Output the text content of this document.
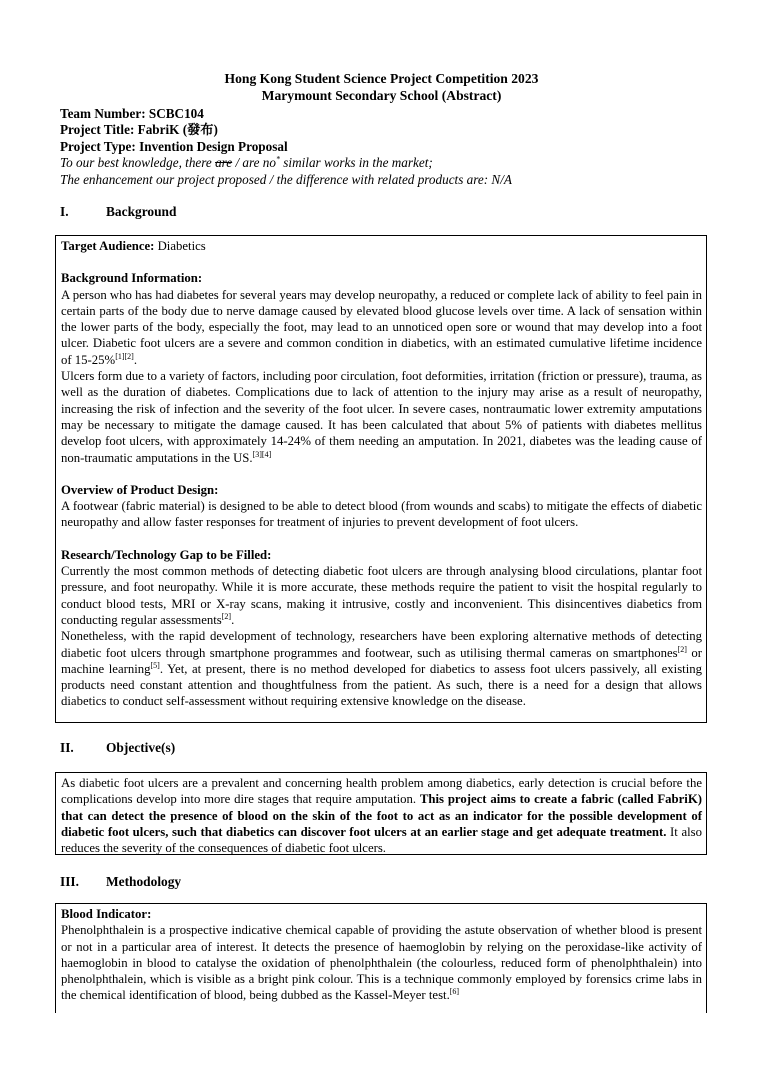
Hong Kong Student Science Project Competition 2023
Marymount Secondary School (Abstract)
Team Number: SCBC104
Project Title: FabriK (發布)
Project Type: Invention Design Proposal
To our best knowledge, there are / are no* similar works in the market;
The enhancement our project proposed / the difference with related products are: N/A
I.	Background

Target Audience: Diabetics

Background Information:

A person who has had diabetes for several years may develop neuropathy, a reduced or complete lack of ability to feel pain in certain parts of the body due to nerve damage caused by elevated blood glucose levels over time. A lack of sensation within the lower parts of the body, especially the foot, may lead to an unnoticed open sore or wound that may develop into a foot ulcer. Diabetic foot ulcers are a severe and common condition in diabetics, with an estimated cumulative lifetime incidence of 15-25%[1][2].

Ulcers form due to a variety of factors, including poor circulation, foot deformities, irritation (friction or pressure), trauma, as well as the duration of diabetes. Complications due to lack of attention to the injury may arise as a result of neuropathy, increasing the risk of infection and the severity of the foot ulcer. In severe cases, nontraumatic lower extremity amputations may be necessary to mitigate the damage caused. It has been calculated that about 5% of patients with diabetes mellitus develop foot ulcers, with approximately 14-24% of them needing an amputation. In 2021, diabetes was the leading cause of non-traumatic amputations in the US.[3][4]

Overview of Product Design:

A footwear (fabric material) is designed to be able to detect blood (from wounds and scabs) to mitigate the effects of diabetic neuropathy and allow faster responses for treatment of injuries to prevent development of foot ulcers.

Research/Technology Gap to be Filled:

Currently the most common methods of detecting diabetic foot ulcers are through analysing blood circulations, plantar foot pressure, and foot neuropathy. While it is more accurate, these methods require the patient to visit the hospital regularly to conduct blood tests, MRI or X-ray scans, making it intrusive, costly and inconvenient. This disincentives diabetics from conducting regular assessments[2].

Nonetheless, with the rapid development of technology, researchers have been exploring alternative methods of detecting diabetic foot ulcers through smartphone programmes and footwear, such as utilising thermal cameras on smartphones[2] or machine learning[5]. Yet, at present, there is no method developed for diabetics to assess foot ulcers passively, all existing products need constant attention and thoughtfulness from the patient. As such, there is a need for a design that allows diabetics to conduct self-assessment without requiring extensive knowledge on the disease.

II. Objective(s)

As diabetic foot ulcers are a prevalent and concerning health problem among diabetics, early detection is crucial before the complications develop into more dire stages that require amputation. This project aims to create a fabric (called FabriK) that can detect the presence of blood on the skin of the foot to act as an indicator for the possible development of diabetic foot ulcers, such that diabetics can discover foot ulcers at an earlier stage and get adequate treatment. It also reduces the severity of the consequences of diabetic foot ulcers.

III. Methodology

Blood Indicator:

Phenolphthalein is a prospective indicative chemical capable of providing the astute observation of whether blood is present or not in a particular area of interest. It detects the presence of haemoglobin by relying on the peroxidase-like activity of haemoglobin in blood to catalyse the oxidation of phenolphthalein (the colourless, reduced form of phenolphthalein) into phenolphthalein, which is visible as a bright pink colour. This is a technique commonly employed by forensics crime labs in the chemical identification of blood, being dubbed as the Kassel-Meyer test.[6]
